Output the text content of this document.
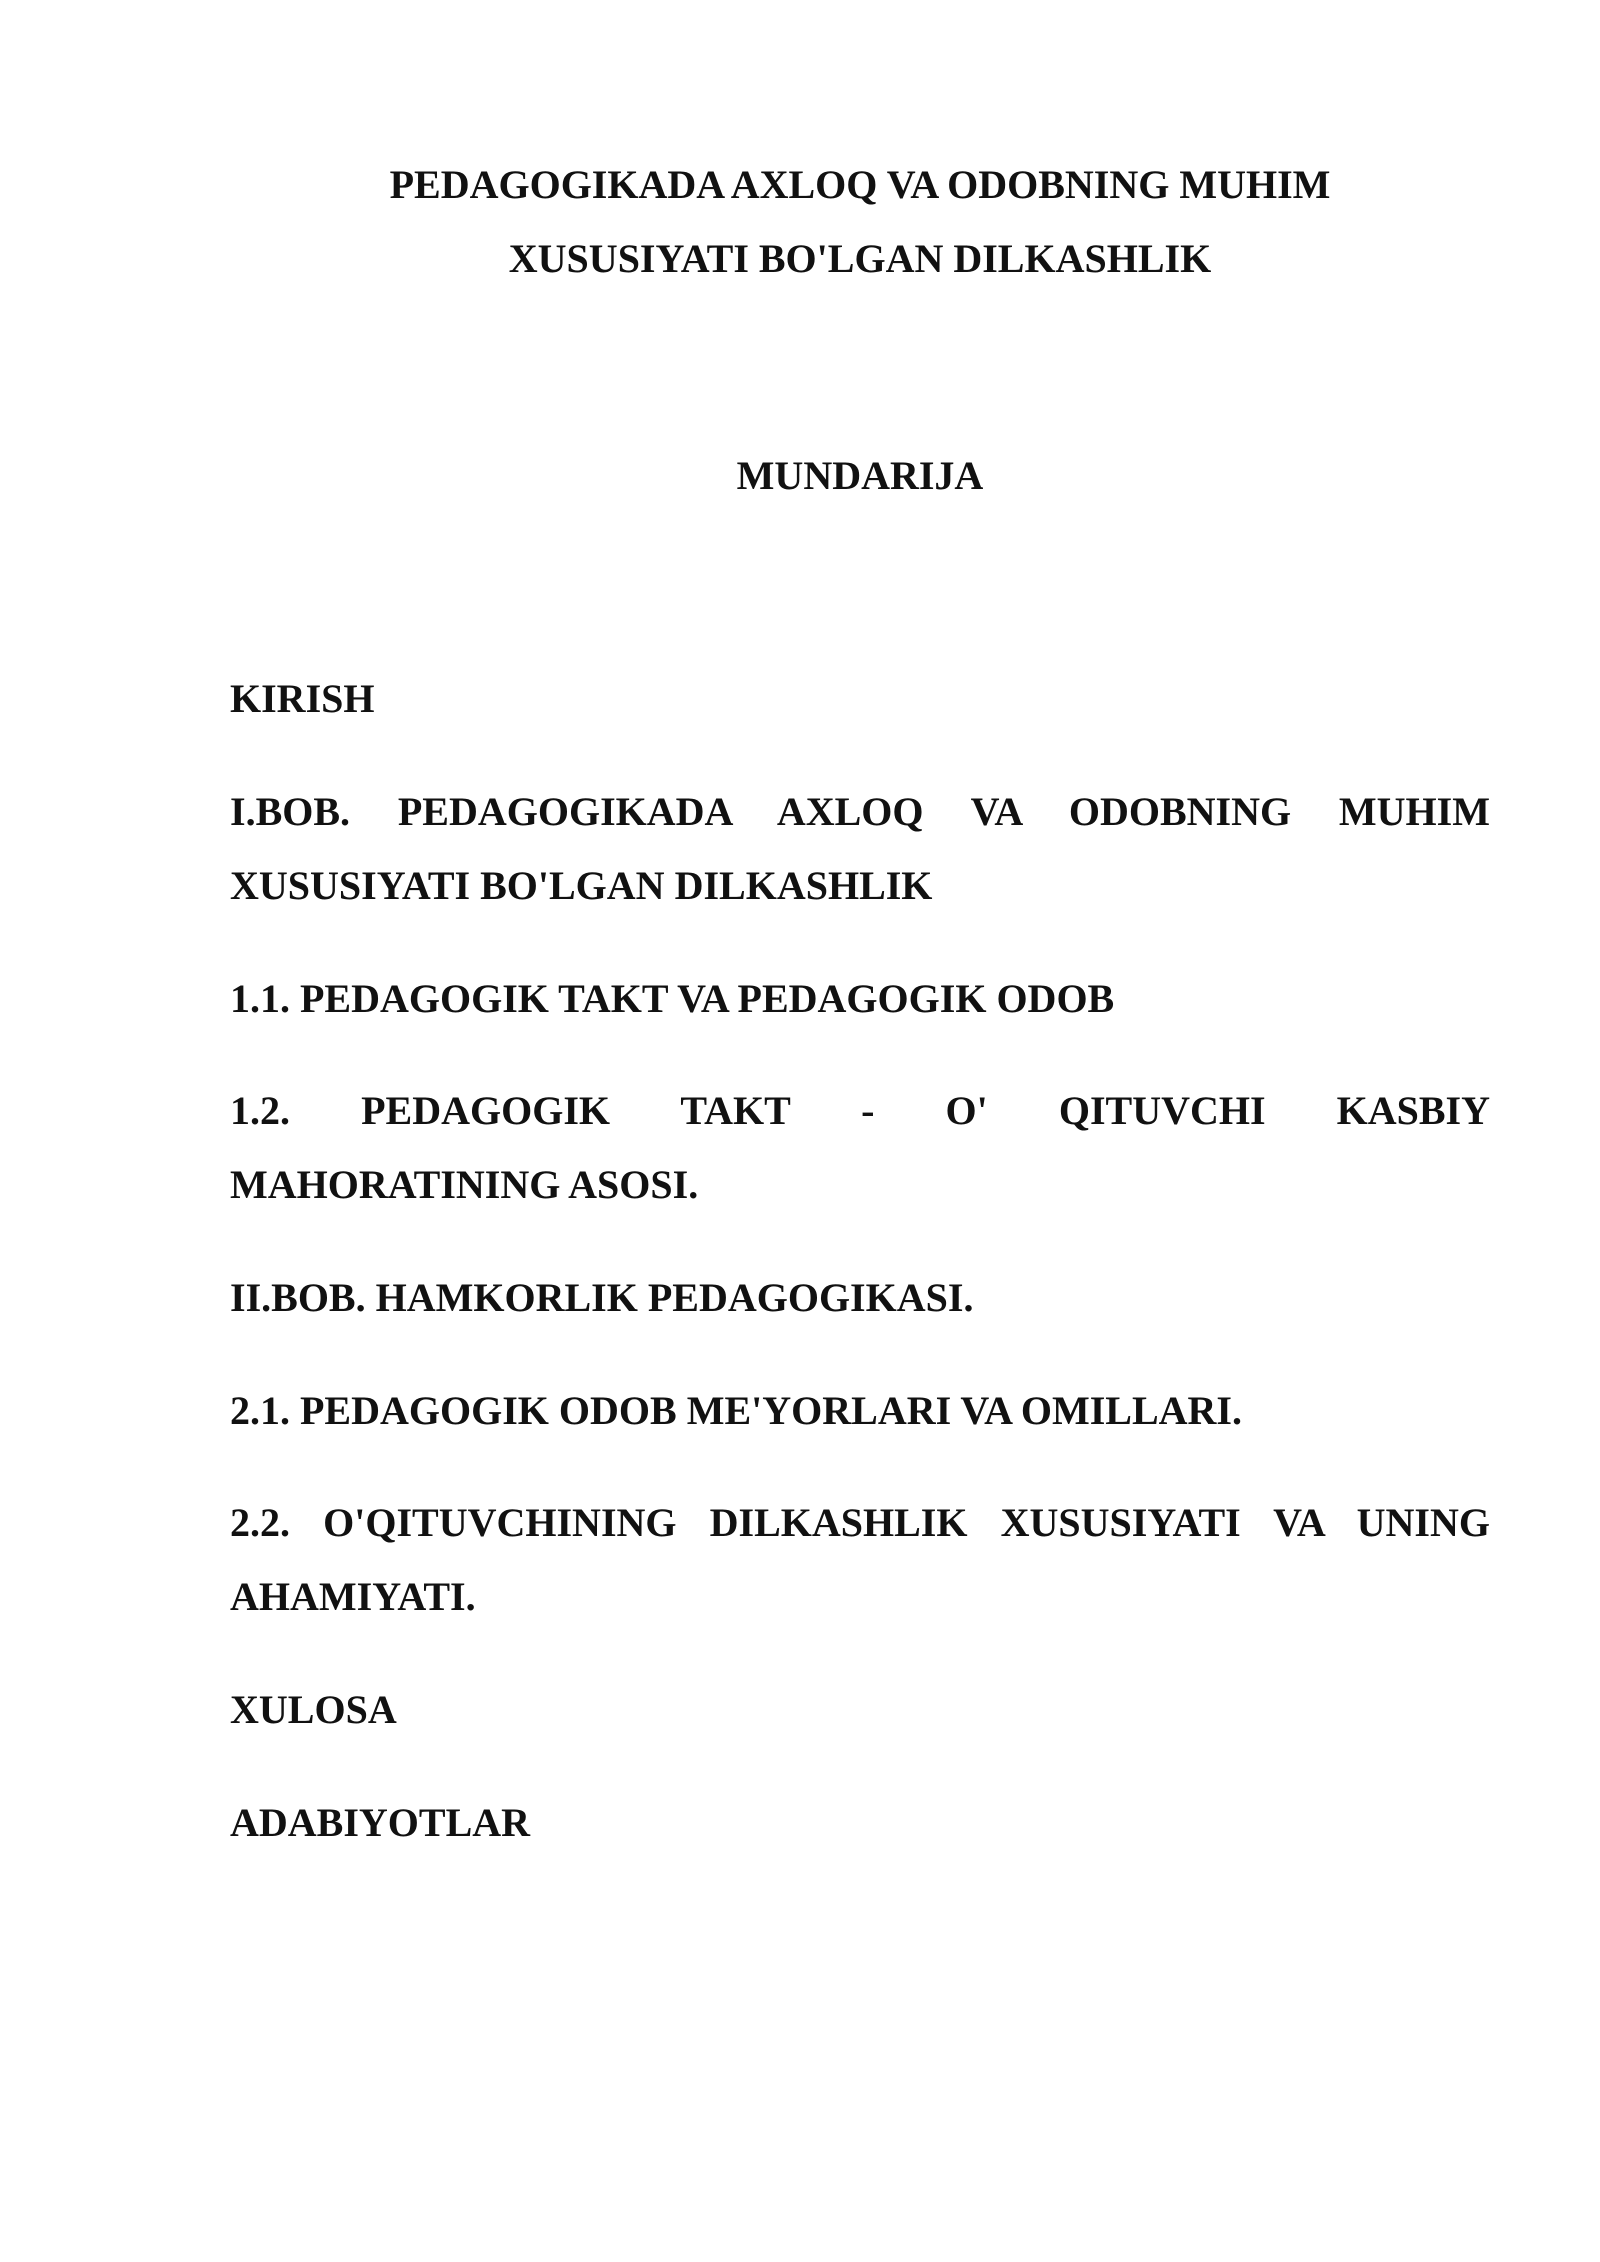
PEDAGOGIKADA AXLOQ VA ODOBNING MUHIM
XUSUSIYATI BO'LGAN DILKASHLIK
MUNDARIJA
KIRISH
I.BOB. PEDAGOGIKADA AXLOQ VA ODOBNING MUHIM
XUSUSIYATI BO'LGAN DILKASHLIK
1.1. PEDAGOGIK TAKT VA PEDAGOGIK ODOB
1.2. PEDAGOGIK TAKT - O' QITUVCHI KASBIY
MAHORATINING ASOSI.
II.BOB. HAMKORLIK PEDAGOGIKASI.
2.1. PEDAGOGIK ODOB ME'YORLARI VA OMILLARI.
2.2. O'QITUVCHINING DILKASHLIK XUSUSIYATI VA UNING
AHAMIYATI.
XULOSA
ADABIYOTLAR
